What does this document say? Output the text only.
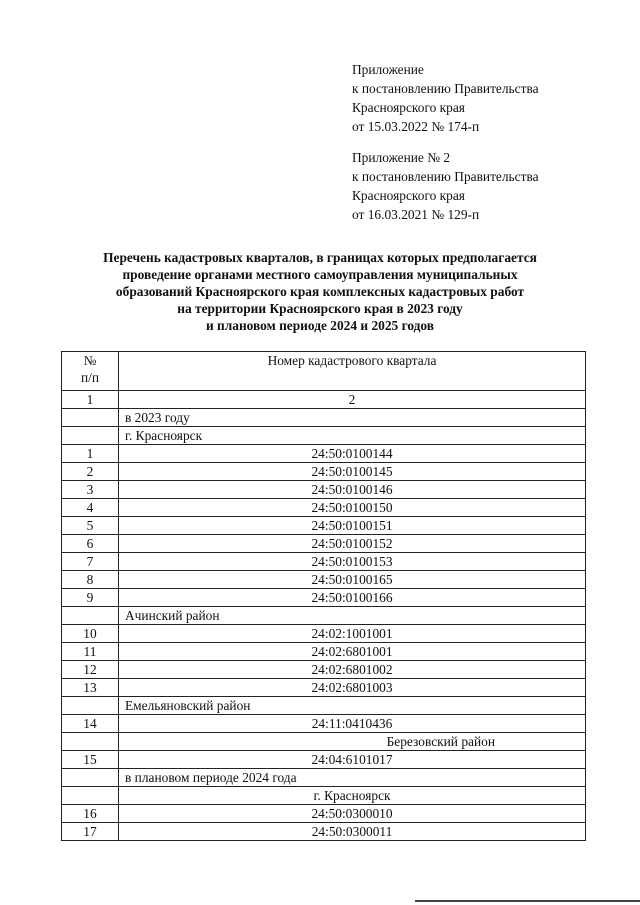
Приложение
к постановлению Правительства
Красноярского края
от 15.03.2022 № 174-п
Приложение № 2
к постановлению Правительства
Красноярского края
от 16.03.2021 № 129-п
Перечень кадастровых кварталов, в границах которых предполагается
проведение органами местного самоуправления муниципальных
образований Красноярского края комплексных кадастровых работ
на территории Красноярского края в 2023 году
и плановом периоде 2024 и 2025 годов
№
п/п	Номер кадастрового квартала
1	2
	в 2023 году
	г. Красноярск
1	24:50:0100144
2	24:50:0100145
3	24:50:0100146
4	24:50:0100150
5	24:50:0100151
6	24:50:0100152
7	24:50:0100153
8	24:50:0100165
9	24:50:0100166
	Ачинский район
10	24:02:1001001
11	24:02:6801001
12	24:02:6801002
13	24:02:6801003
	Емельяновский район
14	24:11:0410436
	Березовский район
15	24:04:6101017
	в плановом периоде 2024 года
	г. Красноярск
16	24:50:0300010
17	24:50:0300011
